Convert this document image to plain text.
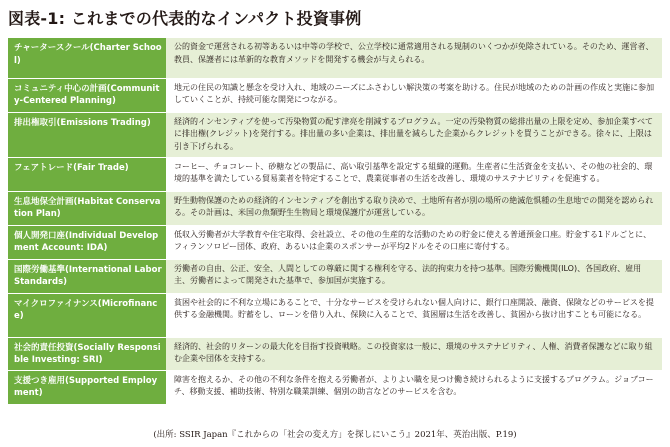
図表-1: これまでの代表的なインパクト投資事例
チャータースクール(Charter School)	公的資金で運営される初等あるいは中等の学校で、公立学校に通常適用される規制のいくつかが免除されている。そのため、運営者、教員、保護者には革新的な教育メソッドを開発する機会が与えられる。
コミュニティ中心の計画(Community-Centered Planning)	地元の住民の知識と懸念を受け入れ、地域のニーズにふさわしい解決策の考案を助ける。住民が地域のための計画の作成と実施に参加していくことが、持続可能な開発につながる。
排出権取引(Emissions Trading)	経済的インセンティブを使って汚染物質の配す津亮を削減するプログラム。一定の汚染物質の総排出量の上限を定め、参加企業すべてに排出権(クレジット)を発行する。排出量の多い企業は、排出量を減らした企業からクレジットを買うことができる。徐々に、上限は引き下げられる。
フェアトレード(Fair Trade)	コーヒー、チョコレート、砂糖などの製品に、高い取引基準を設定する組織的運動。生産者に生活資金を支払い、その他の社会的、環境的基準を満たしている貿易業者を特定することで、農業従事者の生活を改善し、環境のサステナビリティを促進する。
生息地保全計画(Habitat Conservation Plan)	野生動物保護のための経済的インセンティブを創出する取り決めで、土地所有者が別の場所の絶滅危惧種の生息地での開発を認められる。その計画は、米国の魚類野生生物局と環境保護庁が運営している。
個人開発口座(Individual Development Account: IDA)	低収入労働者が大学教育や住宅取得、会社設立、その他の生産的な活動のための貯金に使える普通預金口座。貯金する1ドルごとに、フィランソロピー団体、政府、あるいは企業のスポンサーが平均2ドルをその口座に寄付する。
国際労働基準(International Labor Standards)	労働者の自由、公正、安全、人間としての尊厳に関する権利を守る、法的拘束力を持つ基準。国際労働機関(ILO)、各国政府、雇用主、労働者によって開発された基準で、参加国が実施する。
マイクロファイナンス(Microfinance)	貧困や社会的に不利な立場にあることで、十分なサービスを受けられない個人向けに、銀行口座開設、融資、保険などのサービスを提供する金融機関。貯蓄をし、ローンを借り入れ、保険に入ることで、貧困層は生活を改善し、貧困から抜け出すことも可能になる。
社会的責任投資(Socially Responsible Investing: SRI)	経済的、社会的リターンの最大化を目指す投資戦略。この投資家は一般に、環境のサステナビリティ、人権、消費者保護などに取り組む企業や団体を支持する。
支援つき雇用(Supported Employment)	障害を抱えるか、その他の不利な条件を抱える労働者が、よりよい職を見つけ働き続けられるように支援するプログラム。ジョブコーチ、移動支援、補助技術、特別な職業訓練、個別の助言などのサービスを含む。
(出所: SSIR Japan『これからの「社会の変え方」を探しにいこう』2021年、英治出版、P.19)
